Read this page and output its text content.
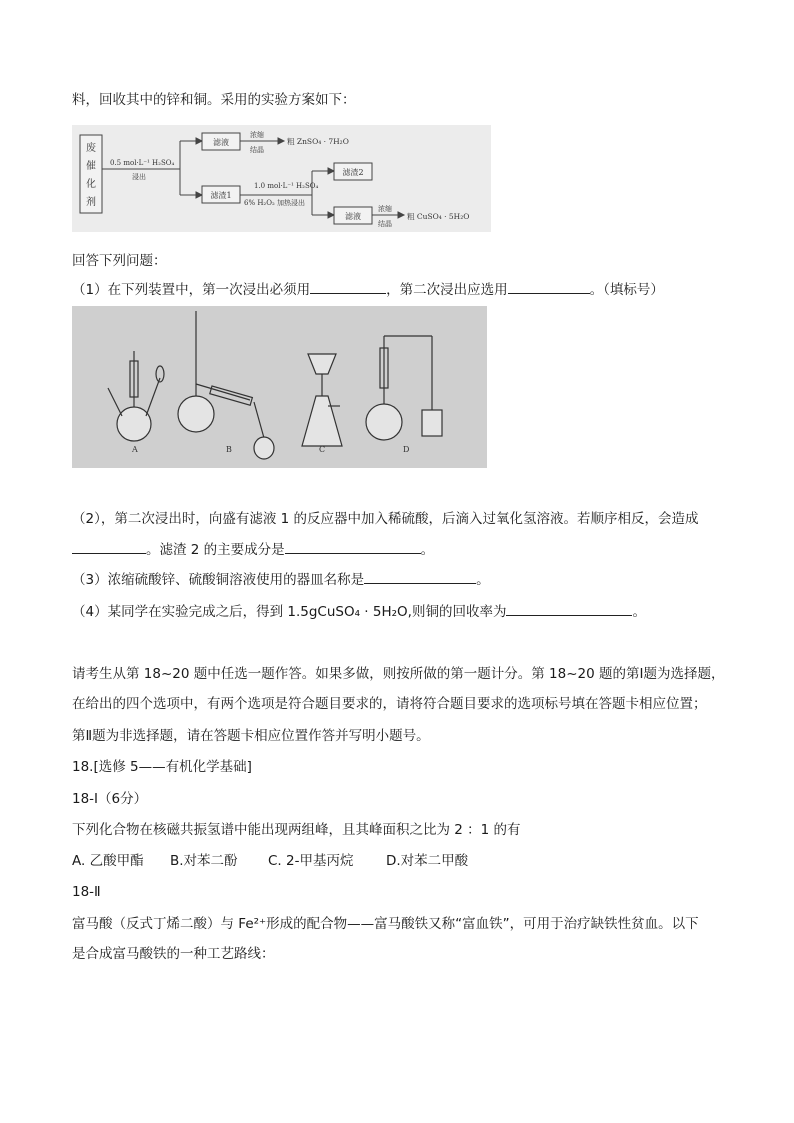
料，回收其中的锌和铜。采用的实验方案如下：
废
催
化
剂
0.5 mol·L⁻¹ H₂SO₄
浸出
滤液
浓缩
结晶
粗 ZnSO₄ · 7H₂O
滤渣1
1.0 mol·L⁻¹ H₂SO₄
6% H₂O₂ 加热浸出
滤渣2
滤液
浓缩
结晶
粗 CuSO₄ · 5H₂O
回答下列问题：
（1）在下列装置中，第一次浸出必须用	，第二次浸出应选用	。（填标号）
A	B	C	D
（2），第二次浸出时，向盛有滤液 1 的反应器中加入稀硫酸，后滴入过氧化氢溶液。若顺序相反，会造成
。滤渣 2 的主要成分是	。
（3）浓缩硫酸锌、硫酸铜溶液使用的器皿名称是	。
（4）某同学在实验完成之后，得到 1.5gCuSO₄ · 5H₂O,则铜的回收率为	。
请考生从第 18~20 题中任选一题作答。如果多做，则按所做的第一题计分。第 18~20 题的第Ⅰ题为选择题，
在给出的四个选项中，有两个选项是符合题目要求的，请将符合题目要求的选项标号填在答题卡相应位置；
第Ⅱ题为非选择题，请在答题卡相应位置作答并写明小题号。
18.[选修 5——有机化学基础]
18-Ⅰ（6分）
下列化合物在核磁共振氢谱中能出现两组峰，且其峰面积之比为 2 ：1 的有
A. 乙酸甲酯 B.对苯二酚 C. 2-甲基丙烷 D.对苯二甲酸
18-Ⅱ
富马酸（反式丁烯二酸）与 Fe²⁺形成的配合物——富马酸铁又称“富血铁”，可用于治疗缺铁性贫血。以下
是合成富马酸铁的一种工艺路线：
